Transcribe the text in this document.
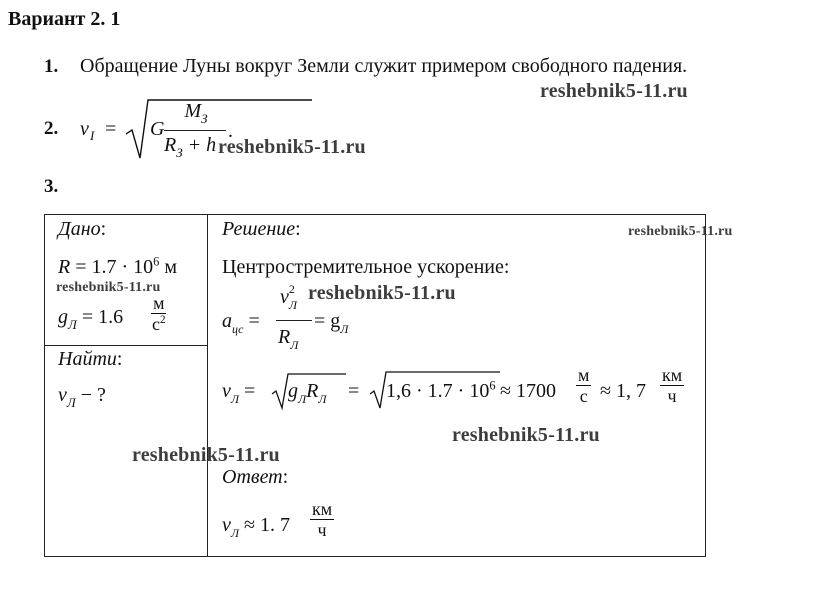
Вариант 2. 1
1. Обращение Луны вокруг Земли служит примером свободного падения.
2. v I = G
$M_З$
$R_З + h$
.
3.
Дано:
$R = 1.7 \cdot 10^6$ м
$g_Л = 1.6$
м
$с^2$
Найти:
$v_Л$ − ?
Решение:
Центростремительное ускорение:
$a_{цс}$ =
$v^2_Л$
$R_Л$
= $g_Л$
$v_Л = g_ЛR_Л = 1,6 \cdot 1.7 \cdot 10^6 \approx 1700$
м
с ≈ 1, 7
км
ч
Ответ:
$v_Л \approx 1$. 7
км
ч
reshebnik5-11.ru
reshebnik5-11.ru
reshebnik5-11.ru
reshebnik5-11.ru	reshebnik5-11.ru
reshebnik5-11.ru
reshebnik5-11.ru
